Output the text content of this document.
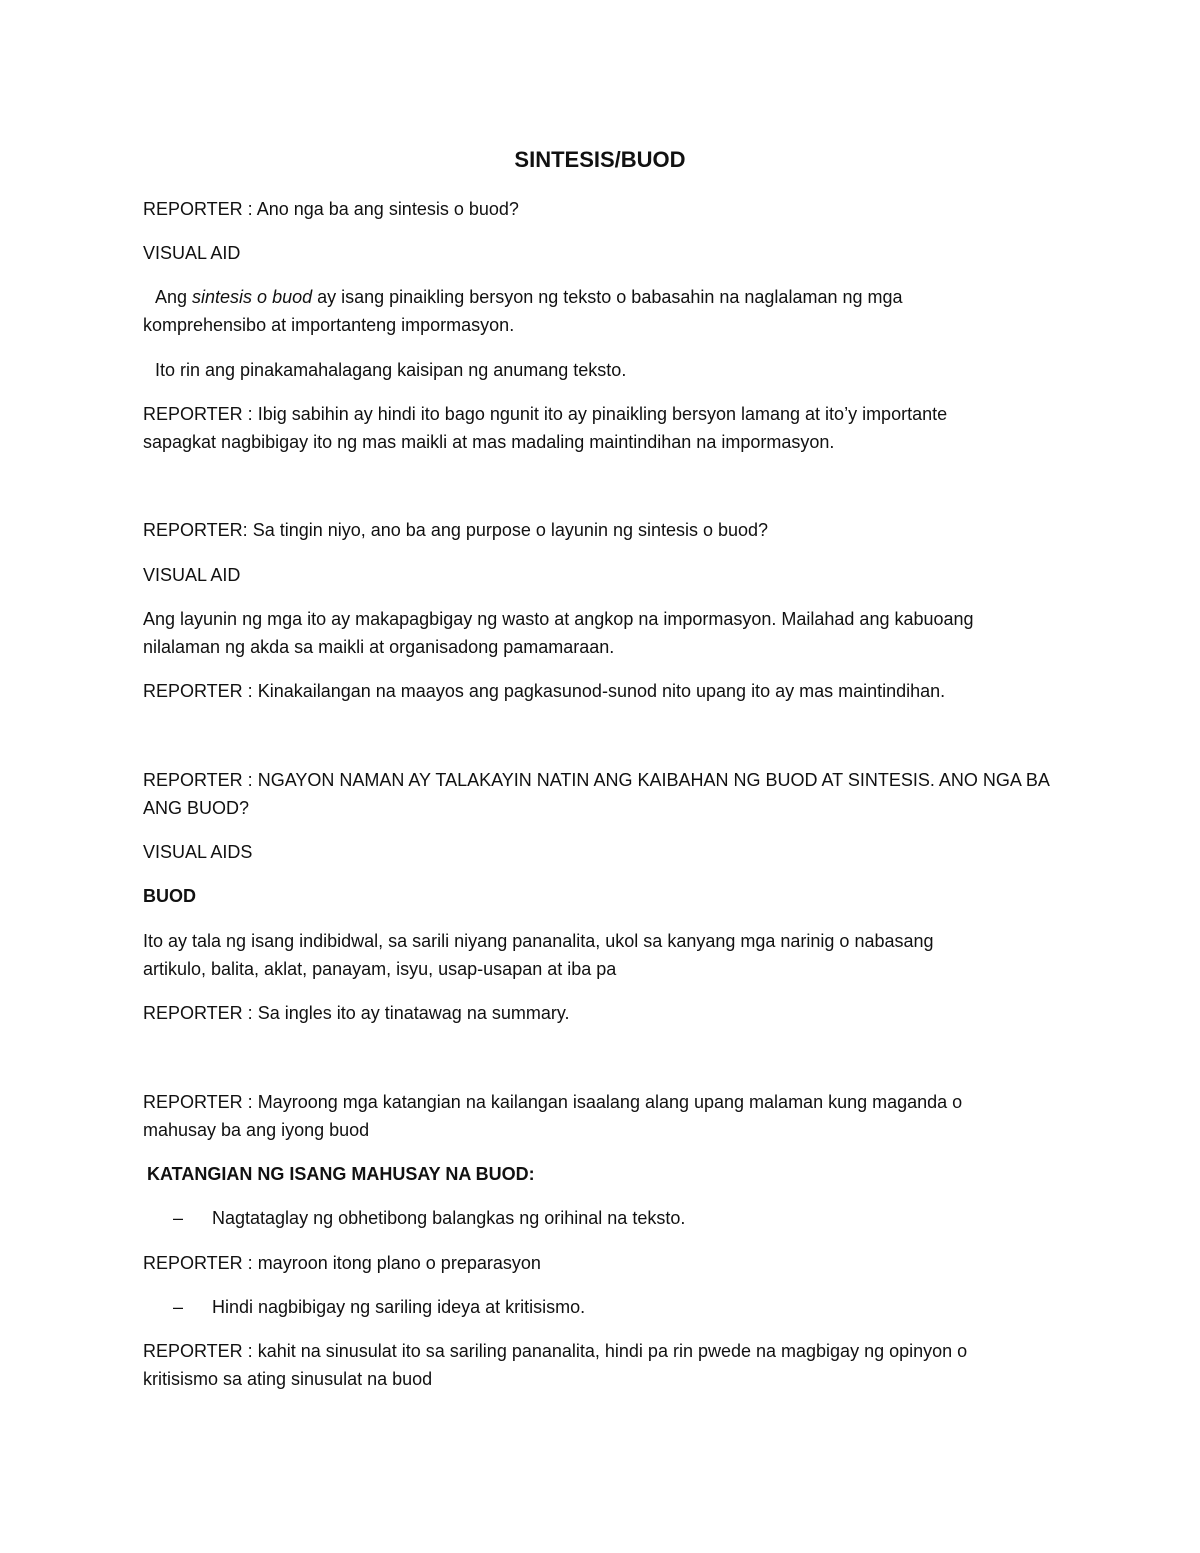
SINTESIS/BUOD
REPORTER : Ano nga ba ang sintesis o buod?
VISUAL AID
Ang sintesis o buod ay isang pinaikling bersyon ng teksto o babasahin na naglalaman ng mga
komprehensibo at importanteng impormasyon.
Ito rin ang pinakamahalagang kaisipan ng anumang teksto.
REPORTER : Ibig sabihin ay hindi ito bago ngunit ito ay pinaikling bersyon lamang at ito’y importante
sapagkat nagbibigay ito ng mas maikli at mas madaling maintindihan na impormasyon.
REPORTER: Sa tingin niyo, ano ba ang purpose o layunin ng sintesis o buod?
VISUAL AID
Ang layunin ng mga ito ay makapagbigay ng wasto at angkop na impormasyon. Mailahad ang kabuoang
nilalaman ng akda sa maikli at organisadong pamamaraan.
REPORTER : Kinakailangan na maayos ang pagkasunod-sunod nito upang ito ay mas maintindihan.
REPORTER : NGAYON NAMAN AY TALAKAYIN NATIN ANG KAIBAHAN NG BUOD AT SINTESIS. ANO NGA BA
ANG BUOD?
VISUAL AIDS
BUOD
Ito ay tala ng isang indibidwal, sa sarili niyang pananalita, ukol sa kanyang mga narinig o nabasang
artikulo, balita, aklat, panayam, isyu, usap-usapan at iba pa
REPORTER : Sa ingles ito ay tinatawag na summary.
REPORTER : Mayroong mga katangian na kailangan isaalang alang upang malaman kung maganda o
mahusay ba ang iyong buod
KATANGIAN NG ISANG MAHUSAY NA BUOD:
– Nagtataglay ng obhetibong balangkas ng orihinal na teksto.
REPORTER : mayroon itong plano o preparasyon
– Hindi nagbibigay ng sariling ideya at kritisismo.
REPORTER : kahit na sinusulat ito sa sariling pananalita, hindi pa rin pwede na magbigay ng opinyon o
kritisismo sa ating sinusulat na buod
